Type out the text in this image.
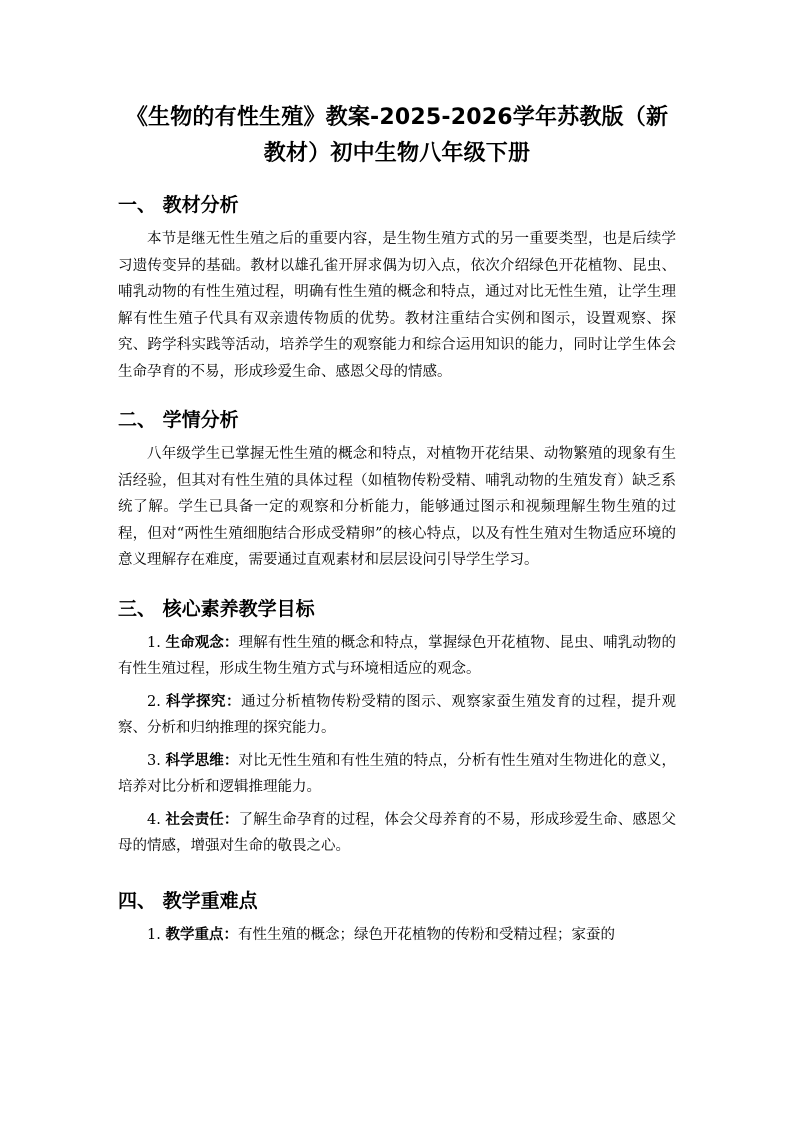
《生物的有性生殖》教案-2025-2026学年苏教版（新
教材）初中生物八年级下册
一、 教材分析

本节是继无性生殖之后的重要内容，是生物生殖方式的另一重要类型，也是后续学习遗传变异的基础。教材以雄孔雀开屏求偶为切入点，依次介绍绿色开花植物、昆虫、哺乳动物的有性生殖过程，明确有性生殖的概念和特点，通过对比无性生殖，让学生理解有性生殖子代具有双亲遗传物质的优势。教材注重结合实例和图示，设置观察、探究、跨学科实践等活动，培养学生的观察能力和综合运用知识的能力，同时让学生体会生命孕育的不易，形成珍爱生命、感恩父母的情感。

二、 学情分析

八年级学生已掌握无性生殖的概念和特点，对植物开花结果、动物繁殖的现象有生活经验，但其对有性生殖的具体过程（如植物传粉受精、哺乳动物的生殖发育）缺乏系统了解。学生已具备一定的观察和分析能力，能够通过图示和视频理解生物生殖的过程，但对“两性生殖细胞结合形成受精卵”的核心特点，以及有性生殖对生物适应环境的意义理解存在难度，需要通过直观素材和层层设问引导学生学习。

三、 核心素养教学目标

1. 生命观念：理解有性生殖的概念和特点，掌握绿色开花植物、昆虫、哺乳动物的有性生殖过程，形成生物生殖方式与环境相适应的观念。

2. 科学探究：通过分析植物传粉受精的图示、观察家蚕生殖发育的过程，提升观察、分析和归纳推理的探究能力。

3. 科学思维：对比无性生殖和有性生殖的特点，分析有性生殖对生物进化的意义，培养对比分析和逻辑推理能力。

4. 社会责任：了解生命孕育的过程，体会父母养育的不易，形成珍爱生命、感恩父母的情感，增强对生命的敬畏之心。

四、 教学重难点

1. 教学重点：有性生殖的概念；绿色开花植物的传粉和受精过程；家蚕的
